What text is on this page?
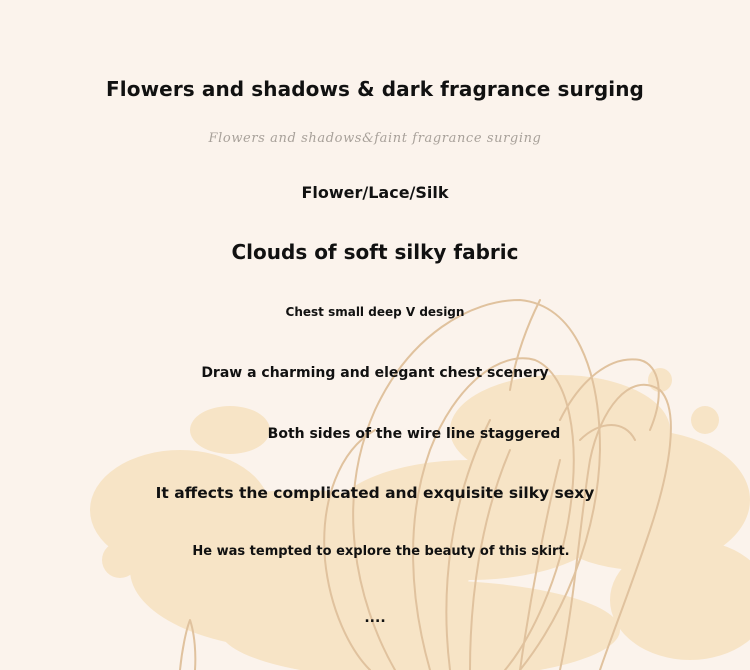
Flowers and shadows & dark fragrance surging
Flowers and shadows&faint fragrance surging
Flower/Lace/Silk
Clouds of soft silky fabric
Chest small deep V design
Draw a charming and elegant chest scenery
Both sides of the wire line staggered
It affects the complicated and exquisite silky sexy
He was tempted to explore the beauty of this skirt.
....
